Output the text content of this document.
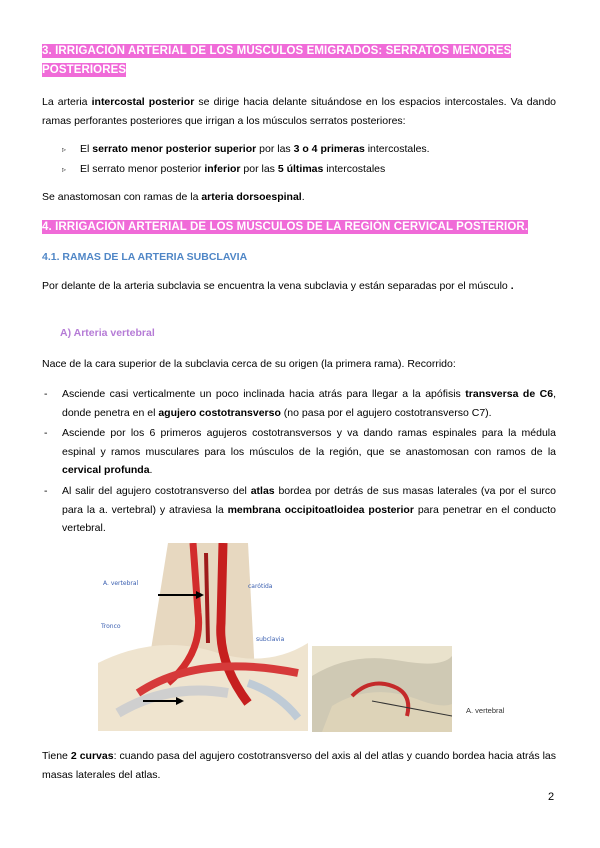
3. IRRIGACIÓN ARTERIAL DE LOS MÚSCULOS EMIGRADOS: SERRATOS MENORES POSTERIORES
La arteria intercostal posterior se dirige hacia delante situándose en los espacios intercostales. Va dando ramas perforantes posteriores que irrigan a los músculos serratos posteriores:
▹ El serrato menor posterior superior por las 3 o 4 primeras intercostales.
▹ El serrato menor posterior inferior por las 5 últimas intercostales
Se anastomosan con ramas de la arteria dorsoespinal.
4. IRRIGACIÓN ARTERIAL DE LOS MÚSCULOS DE LA REGIÓN CERVICAL POSTERIOR.
4.1. RAMAS DE LA ARTERIA SUBCLAVIA
Por delante de la arteria subclavia se encuentra la vena subclavia y están separadas por el músculo .
A) Arteria vertebral
Nace de la cara superior de la subclavia cerca de su origen (la primera rama). Recorrido:
- Asciende casi verticalmente un poco inclinada hacia atrás para llegar a la apófisis transversa de C6, donde penetra en el agujero costotransverso (no pasa por el agujero costotransverso C7).
- Asciende por los 6 primeros agujeros costotransversos y va dando ramas espinales para la médula espinal y ramos musculares para los músculos de la región, que se anastomosan con ramos de la cervical profunda.
- Al salir del agujero costotransverso del atlas bordea por detrás de sus masas laterales (va por el surco para la a. vertebral) y atraviesa la membrana occipitoatloidea posterior para penetrar en el conducto vertebral.
A. vertebral
Tronco
carótida
subclavia
A. vertebral
Tiene 2 curvas: cuando pasa del agujero costotransverso del axis al del atlas y cuando bordea hacia atrás las masas laterales del atlas.
2
